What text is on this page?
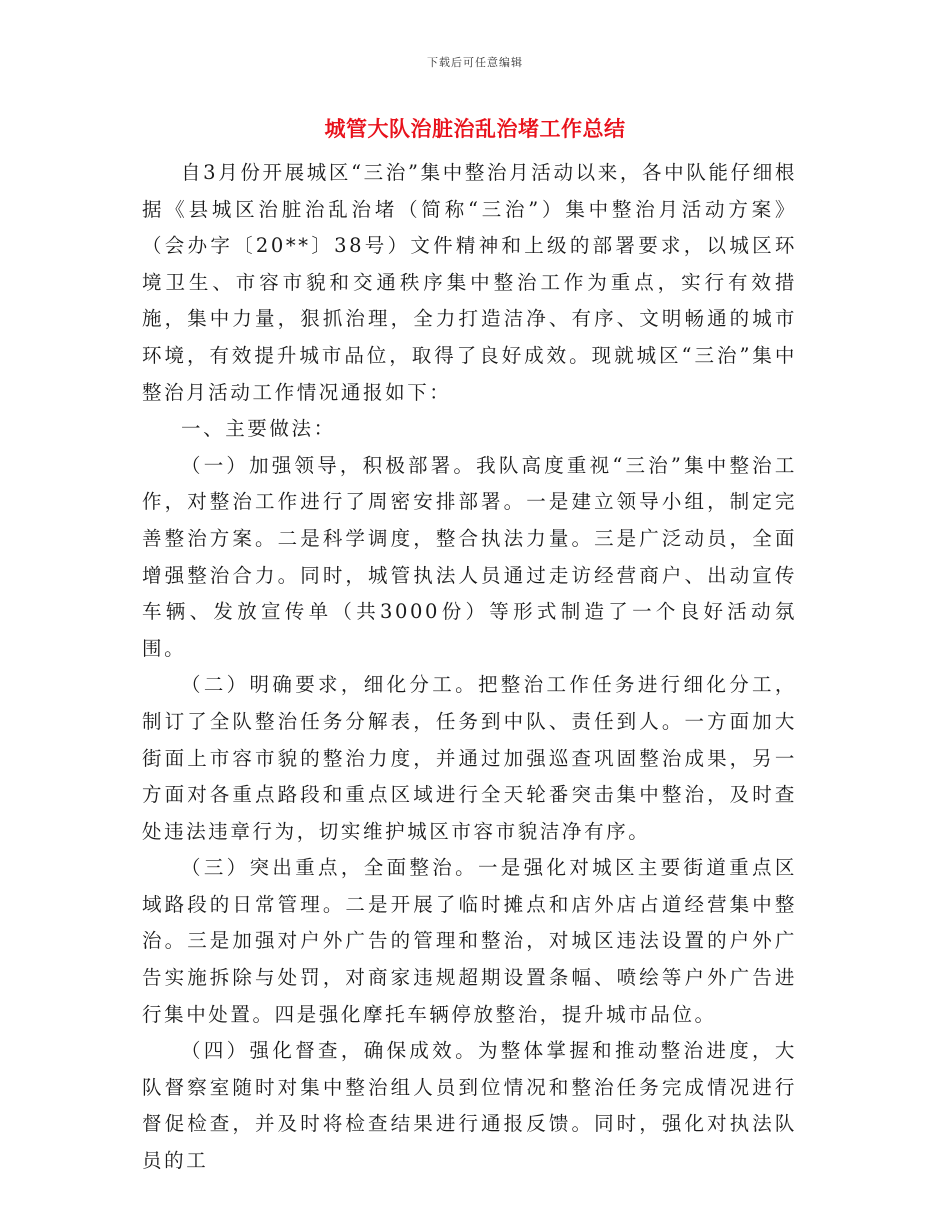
下载后可任意编辑
城管大队治脏治乱治堵工作总结

自3月份开展城区“三治”集中整治月活动以来，各中队能仔细根据《县城区治脏治乱治堵（简称“三治”）集中整治月活动方案》（会办字〔20**〕38号）文件精神和上级的部署要求，以城区环境卫生、市容市貌和交通秩序集中整治工作为重点，实行有效措施，集中力量，狠抓治理，全力打造洁净、有序、文明畅通的城市环境，有效提升城市品位，取得了良好成效。现就城区“三治”集中整治月活动工作情况通报如下：

一、主要做法：

（一）加强领导，积极部署。我队高度重视“三治”集中整治工作，对整治工作进行了周密安排部署。一是建立领导小组，制定完善整治方案。二是科学调度，整合执法力量。三是广泛动员，全面增强整治合力。同时，城管执法人员通过走访经营商户、出动宣传车辆、发放宣传单（共3000份）等形式制造了一个良好活动氛围。

（二）明确要求，细化分工。把整治工作任务进行细化分工，制订了全队整治任务分解表，任务到中队、责任到人。一方面加大街面上市容市貌的整治力度，并通过加强巡查巩固整治成果，另一方面对各重点路段和重点区域进行全天轮番突击集中整治，及时查处违法违章行为，切实维护城区市容市貌洁净有序。

（三）突出重点，全面整治。一是强化对城区主要街道重点区域路段的日常管理。二是开展了临时摊点和店外店占道经营集中整治。三是加强对户外广告的管理和整治，对城区违法设置的户外广告实施拆除与处罚，对商家违规超期设置条幅、喷绘等户外广告进行集中处置。四是强化摩托车辆停放整治，提升城市品位。

（四）强化督查，确保成效。为整体掌握和推动整治进度，大队督察室随时对集中整治组人员到位情况和整治任务完成情况进行督促检查，并及时将检查结果进行通报反馈。同时，强化对执法队员的工
